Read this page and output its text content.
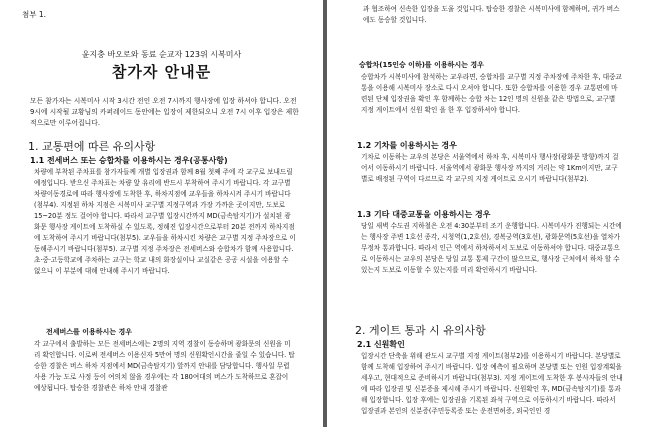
첨부 1.
윤지충 바오로와 동료 순교자 123위 시복미사
참가자 안내문
모든 참가자는 시복미사 시작 3시간 전인 오전 7시까지 행사장에 입장 하셔야 합니다. 오전 9시에 시작될 교황님의 카퍼레이드 동안에는 입장이 제한되오니 오전 7시 이후 입장은 제한적으로만 이루어집니다.
1. 교통편에 따른 유의사항
1.1 전세버스 또는 승합차를 이용하시는 경우(공통사항)
차량에 부착된 주차표를 참가자들께 개별 입장권과 함께 8월 첫째 주에 각 교구로 보내드릴 예정입니다. 받으신 주차표는 차량 앞 유리에 반드시 부착하여 주시기 바랍니다. 각 교구별 차량이동경로에 따라 행사장에 도착한 후, 하차지점에 교우들을 하차시켜 주시기 바랍니다(첨부4). 지정된 하차 지점은 시복미사 교구별 지정구역과 가장 가까운 곳이지만, 도보로 15~20분 정도 걸어야 합니다. 따라서 교구별 입장시간까지 MD(금속탐지기)가 설치된 광화문 행사장 게이트에 도착하실 수 있도록, 정해진 입장시간으로부터 20분 전까지 하차지점에 도착하여 주시기 바랍니다(첨부5). 교우들을 하차시킨 차량은 교구별 지정 주차장으로 이동해주시기 바랍니다(첨부5). 교구별 지정 주차장은 전세버스와 승합차가 함께 사용합니다. 초·중·고등학교에 주차하는 교구는 학교 내의 화장실이나 교실같은 공공 시설을 이용할 수 없으니 이 부분에 대해 안내해 주시기 바랍니다.
전세버스를 이용하시는 경우
각 교구에서 출발하는 모든 전세버스에는 2명의 지역 경찰이 동승하며 광화문의 신원을 미리 확인합니다. 이로써 전세버스 이용신자 5만여 명의 신원확인시간을 줄일 수 있습니다. 탑승한 경찰은 버스 하차 지점에서 MD(금속탐지기) 앞까지 안내를 담당합니다. 행사일 무렵 사용 가능 도로 사정 등이 여의치 않을 경우에는 각 180여대의 버스가 도착하므로 혼잡이 예상됩니다. 탑승한 경찰관은 하차 안내 경찰관
과 협조하여 신속한 입장을 도울 것입니다. 탑승한 경찰은 시복미사에 함께하며, 귀가 버스에도 동승할 것입니다.
승합차(15인승 이하)를 이용하시는 경우
승합차가 시복미사에 참석하는 교우라면, 승합차를 교구별 지정 주차장에 주차한 후, 대중교통을 이용해 시복미사 장소로 다시 오셔야 합니다. 또한 승합차를 이용한 경우 교통편에 마련된 단체 입장권을 확인 후 함께하는 승합 차는 12인 명의 신원을 같은 방법으로, 교구별 지정 게이트에서 신원 확인 을 한 후 입장하셔야 합니다.
1.2 기차를 이용하시는 경우
기차로 이동하는 교우의 본당은 서울역에서 하차 후, 시복미사 행사장(광화문 방향)까지 걸어서 이동하시기 바랍니다. 서울역에서 광화문 행사장 까지의 거리는 약 1Km이지만, 교구별로 배정된 구역이 다르므로 각 교구의 지정 게이트로 오시기 바랍니다(첨부2).
1.3 기타 대중교통을 이용하시는 경우
당일 새벽 수도권 지하철은 오전 4:30분부터 조기 운행합니다. 시복미사가 진행되는 시간에는 행사장 주변 1호선 종각, 시청역(1,2호선), 경복궁역(3호선), 광화문역(5호선)을 열차가 무정차 통과합니다. 따라서 인근 역에서 하차하셔서 도보로 이동하셔야 합니다. 대중교통으로 이동하시는 교우의 본당은 당일 교통 통제 구간이 많으므로, 행사장 근처에서 하차 할 수 있는지 도보로 이동할 수 있는지를 미리 확인하시기 바랍니다.
2. 게이트 통과 시 유의사항
2.1 신원확인
입장시간 단축을 위해 관도시 교구별 지정 게이트(첨부2)를 이용하시기 바랍니다. 본당별로 함께 도착해 입장하여 주시기 바랍니다. 입장 예측이 필요하며 본당별 또는 인원 입장계획을 세우고, 현대적으로 준비하시기 바랍니다(첨부3). 지정 게이트에 도착한 후 봉사자들의 안내에 따라 입장권 및 신분증을 제시해 주시기 바랍니다. 신원확인 후, MD(금속탐지기)를 통과해 입장합니다. 입장 후에는 입장권을 기록된 좌석 구역으로 이동하시기 바랍니다. 따라서 입장권과 본인의 신분증(주민등록증 또는 운전면허증, 외국인인 경
